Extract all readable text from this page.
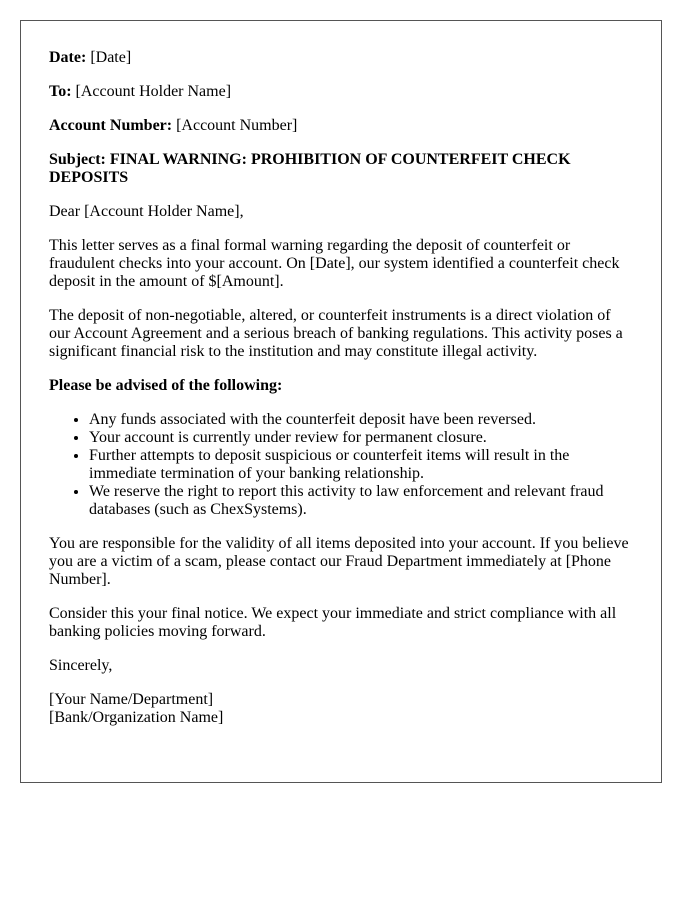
Date: [Date]

To: [Account Holder Name]

Account Number: [Account Number]

Subject: FINAL WARNING: PROHIBITION OF COUNTERFEIT CHECK DEPOSITS

Dear [Account Holder Name],

This letter serves as a final formal warning regarding the deposit of counterfeit or fraudulent checks into your account. On [Date], our system identified a counterfeit check deposit in the amount of $[Amount].

The deposit of non-negotiable, altered, or counterfeit instruments is a direct violation of our Account Agreement and a serious breach of banking regulations. This activity poses a significant financial risk to the institution and may constitute illegal activity.

Please be advised of the following:

• Any funds associated with the counterfeit deposit have been reversed.
• Your account is currently under review for permanent closure.
• Further attempts to deposit suspicious or counterfeit items will result in the immediate termination of your banking relationship.
• We reserve the right to report this activity to law enforcement and relevant fraud databases (such as ChexSystems).

You are responsible for the validity of all items deposited into your account. If you believe you are a victim of a scam, please contact our Fraud Department immediately at [Phone Number].

Consider this your final notice. We expect your immediate and strict compliance with all banking policies moving forward.

Sincerely,

[Your Name/Department]

[Bank/Organization Name]
